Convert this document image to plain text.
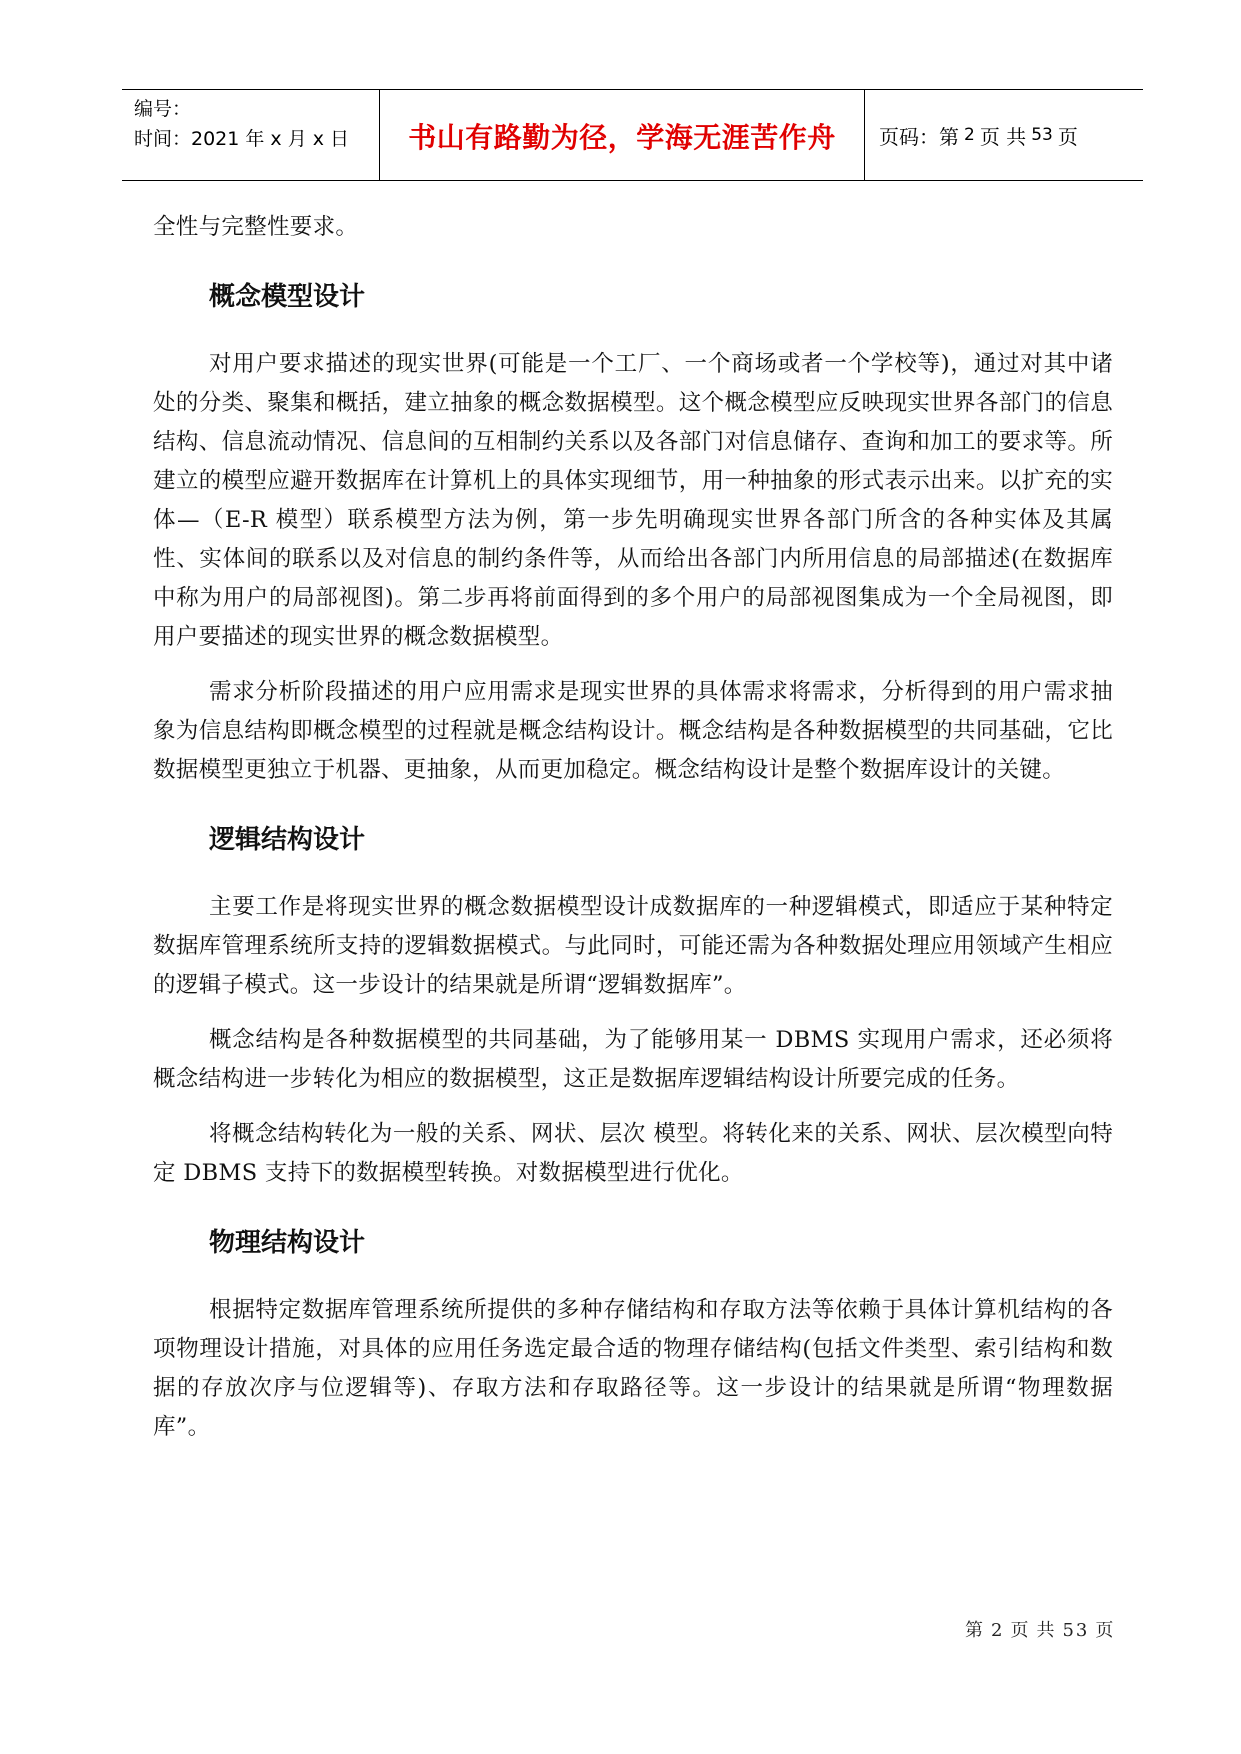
编号：
时间：2021 年 x 月 x 日	书山有路勤为径，学海无涯苦作舟	页码：第 2 页 共 53 页

全性与完整性要求。

概念模型设计

对用户要求描述的现实世界(可能是一个工厂、一个商场或者一个学校等)，通过对其中诸处的分类、聚集和概括，建立抽象的概念数据模型。这个概念模型应反映现实世界各部门的信息结构、信息流动情况、信息间的互相制约关系以及各部门对信息储存、查询和加工的要求等。所建立的模型应避开数据库在计算机上的具体实现细节，用一种抽象的形式表示出来。以扩充的实体—（E-R 模型）联系模型方法为例，第一步先明确现实世界各部门所含的各种实体及其属性、实体间的联系以及对信息的制约条件等，从而给出各部门内所用信息的局部描述(在数据库中称为用户的局部视图)。第二步再将前面得到的多个用户的局部视图集成为一个全局视图，即用户要描述的现实世界的概念数据模型。

需求分析阶段描述的用户应用需求是现实世界的具体需求将需求，分析得到的用户需求抽象为信息结构即概念模型的过程就是概念结构设计。概念结构是各种数据模型的共同基础，它比数据模型更独立于机器、更抽象，从而更加稳定。概念结构设计是整个数据库设计的关键。

逻辑结构设计

主要工作是将现实世界的概念数据模型设计成数据库的一种逻辑模式，即适应于某种特定数据库管理系统所支持的逻辑数据模式。与此同时，可能还需为各种数据处理应用领域产生相应的逻辑子模式。这一步设计的结果就是所谓“逻辑数据库”。

概念结构是各种数据模型的共同基础，为了能够用某一 DBMS 实现用户需求，还必须将概念结构进一步转化为相应的数据模型，这正是数据库逻辑结构设计所要完成的任务。

将概念结构转化为一般的关系、网状、层次 模型。将转化来的关系、网状、层次模型向特定 DBMS 支持下的数据模型转换。对数据模型进行优化。

物理结构设计

根据特定数据库管理系统所提供的多种存储结构和存取方法等依赖于具体计算机结构的各项物理设计措施，对具体的应用任务选定最合适的物理存储结构(包括文件类型、索引结构和数据的存放次序与位逻辑等)、存取方法和存取路径等。这一步设计的结果就是所谓“物理数据库”。

第 2 页 共 53 页
